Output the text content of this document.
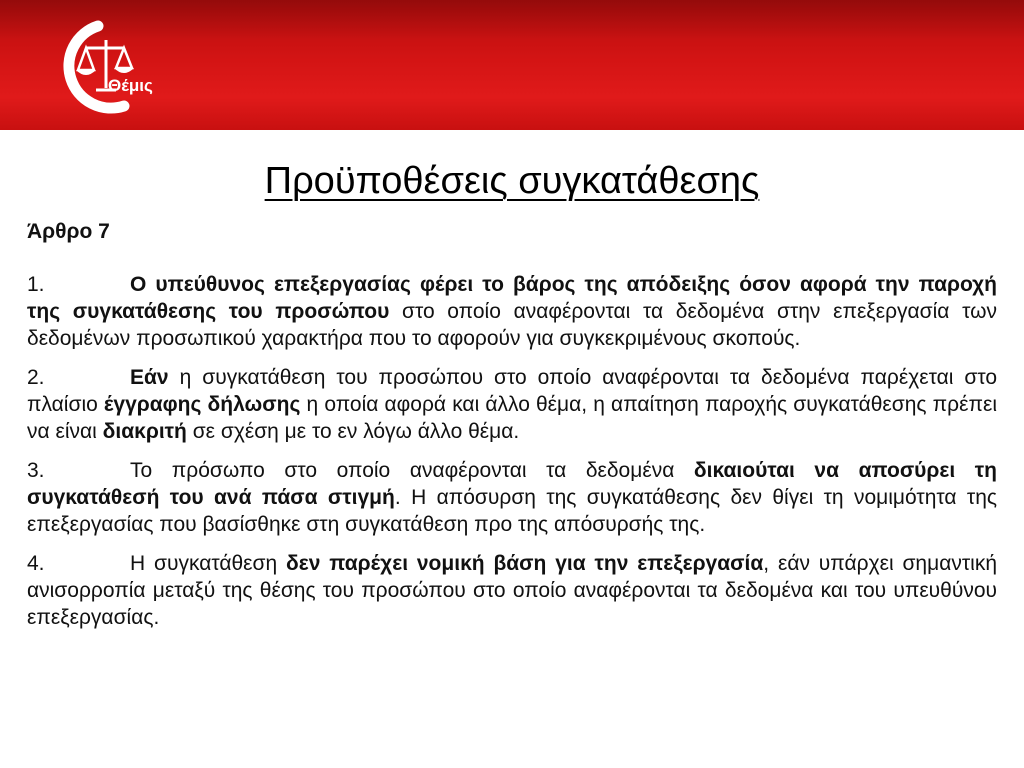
Θέμις
Προϋποθέσεις συγκατάθεσης

Άρθρο 7

1.	Ο υπεύθυνος επεξεργασίας φέρει το βάρος της απόδειξης όσον αφορά την παροχή της συγκατάθεσης του προσώπου στο οποίο αναφέρονται τα δεδομένα στην επεξεργασία των δεδομένων προσωπικού χαρακτήρα που το αφορούν για συγκεκριμένους σκοπούς.

2.	Εάν η συγκατάθεση του προσώπου στο οποίο αναφέρονται τα δεδομένα παρέχεται στο πλαίσιο έγγραφης δήλωσης η οποία αφορά και άλλο θέμα, η απαίτηση παροχής συγκατάθεσης πρέπει να είναι διακριτή σε σχέση με το εν λόγω άλλο θέμα.

3.	Το πρόσωπο στο οποίο αναφέρονται τα δεδομένα δικαιούται να αποσύρει τη συγκατάθεσή του ανά πάσα στιγμή. Η απόσυρση της συγκατάθεσης δεν θίγει τη νομιμότητα της επεξεργασίας που βασίσθηκε στη συγκατάθεση προ της απόσυρσής της.

4.	Η συγκατάθεση δεν παρέχει νομική βάση για την επεξεργασία, εάν υπάρχει σημαντική ανισορροπία μεταξύ της θέσης του προσώπου στο οποίο αναφέρονται τα δεδομένα και του υπευθύνου επεξεργασίας.
